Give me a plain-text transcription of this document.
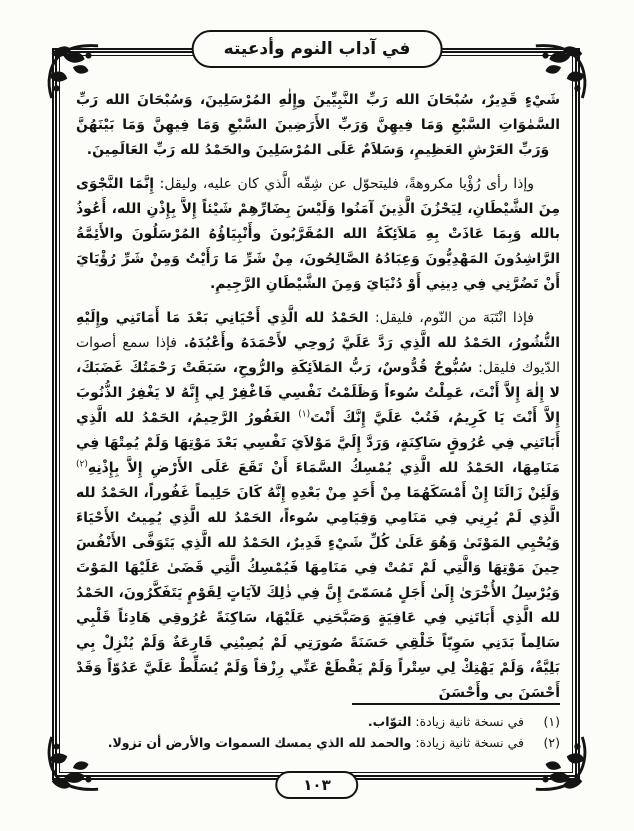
في آداب النوم وأدعيته

شَيْءٍ قَدِيرٌ، سُبْحَانَ الله رَبِّ النَّبِيِّينَ وإِلٰهِ المُرْسَلِينَ، وَسُبْحَانَ الله رَبِّ السَّمٰوَاتِ السَّبْعِ وَمَا فِيهِنَّ وَرَبِّ الأَرَضِينَ السَّبْعِ وَمَا فِيهِنَّ وَمَا بَيْنَهُنَّ وَرَبِّ العَرْشِ العَظِيمِ، وَسَلاَمٌ عَلَى المُرْسَلِينَ والحَمْدُ لله رَبِّ العَالَمِينَ.

وإذا رأى رُؤْيا مكروهةً، فليتحوّل عن شِقّه الَّذي كان عليه، وليقل: إِنَّمَا النَّجْوَى مِنَ الشَّيْطَانِ، لِيَحْزُنَ الَّذِينَ آمَنُوا وَلَيْسَ بِضَارِّهِمْ شَيْئاً إِلاَّ بِإِذْنِ الله، أَعُوذُ بالله وَبِمَا عَاذَتْ بِهِ مَلاَئِكَةُ الله المُقَرَّبُونَ وأَنْبِيَاؤُهُ المُرْسَلُونَ والأَئِمَّةُ الرَّاشِدُونَ المَهْدِيُّونَ وَعِبَادُهُ الصَّالِحُونَ، مِنْ شَرِّ مَا رَأَيْتُ وَمِنْ شَرِّ رُؤْيَايَ أَنْ تَضُرَّنِي فِي دِينِي أَوْ دُنْيَايَ وَمِنَ الشَّيْطَانِ الرَّجِيمِ.

فإذا انْتَبَهَ من النّوم، فليقل: الحَمْدُ لله الَّذِي أَحْيَانِي بَعْدَ مَا أَمَاتَنِي وإِلَيْهِ النُّشُورُ، الحَمْدُ لله الَّذِي رَدَّ عَلَيَّ رُوحِي لأَحْمَدَهُ وأَعْبُدَهُ. فإذا سمع أصوات الدّيوك فليقل: سُبُّوحٌ قُدُّوسٌ، رَبُّ المَلاَئِكَةِ والرُّوحِ، سَبَقَتْ رَحْمَتُكَ غَضَبَكَ، لا إِلٰهَ إِلاَّ أَنْتَ، عَمِلْتُ سُوءاً وَظَلَمْتُ نَفْسِي فَاغْفِرْ لِي إِنَّهُ لا يَغْفِرُ الذُّنُوبَ إِلاَّ أَنْتَ يَا كَرِيمُ، فَتُبْ عَلَيَّ إِنَّكَ أَنْتَ$^{(١)}$ الغَفُورُ الرَّحِيمُ، الحَمْدُ لله الَّذِي أَبَاتَنِي فِي عُرُوقٍ سَاكِنَةٍ، وَرَدَّ إِلَيَّ مَوْلاَيَ نَفْسِي بَعْدَ مَوْتِهَا وَلَمْ يُمِتْهَا فِي مَنَامِهَا، الحَمْدُ لله الَّذِي يُمْسِكُ السَّمَاءَ أَنْ تَقَعَ عَلَى الأَرْضِ إِلاَّ بِإِذْنِهِ$^{(٢)}$ وَلَئِنْ زَالَتَا إِنْ أَمْسَكَهُمَا مِنْ أَحَدٍ مِنْ بَعْدِهِ إِنَّهُ كَانَ حَلِيماً غَفُوراً، الحَمْدُ لله الَّذِي لَمْ يُرِنِي فِي مَنَامِي وَقِيَامِي سُوءاً، الحَمْدُ لله الَّذِي يُمِيتُ الأَحْيَاءَ وَيُحْيِي المَوْتَىٰ وَهُوَ عَلَىٰ كُلِّ شَيْءٍ قَدِيرٌ، الحَمْدُ لله الَّذِي يَتَوَفَّى الأَنْفُسَ حِينَ مَوْتِهَا وَالَّتِي لَمْ تَمُتْ فِي مَنَامِهَا فَيُمْسِكُ الَّتِي قَضَىٰ عَلَيْهَا المَوْتَ وَيُرْسِلُ الأُخْرَىٰ إِلَىٰ أَجَلٍ مُسَمّىً إِنَّ فِي ذٰلِكَ لآيَاتٍ لِقَوْمٍ يَتَفَكَّرُونَ، الحَمْدُ لله الَّذِي أَبَاتَنِي فِي عَافِيَةٍ وَصَبَّحَنِي عَلَيْهَا، سَاكِنَةً عُرُوقِي هَادِئاً قَلْبِي سَالِماً بَدَنِي سَوِيّاً خَلْقِي حَسَنَةً صُورَتِي لَمْ يُصِبْنِي قَارِعَةٌ وَلَمْ يُنْزِلْ بِي بَلِيَّةٌ، وَلَمْ يَهْتِكْ لِي سِتْراً وَلَمْ يَقْطَعْ عَنِّي رِزْقاً وَلَمْ يُسَلِّطْ عَلَيَّ عَدُوّاً وَقَدْ أَحْسَنَ بِي وأَحْسَنَ

(١)
في نسخة ثانية زيادة: التوّاب.
(٢)
في نسخة ثانية زيادة: والحمد لله الذي يمسك السموات والأرض أن تزولا.
١٠٣
